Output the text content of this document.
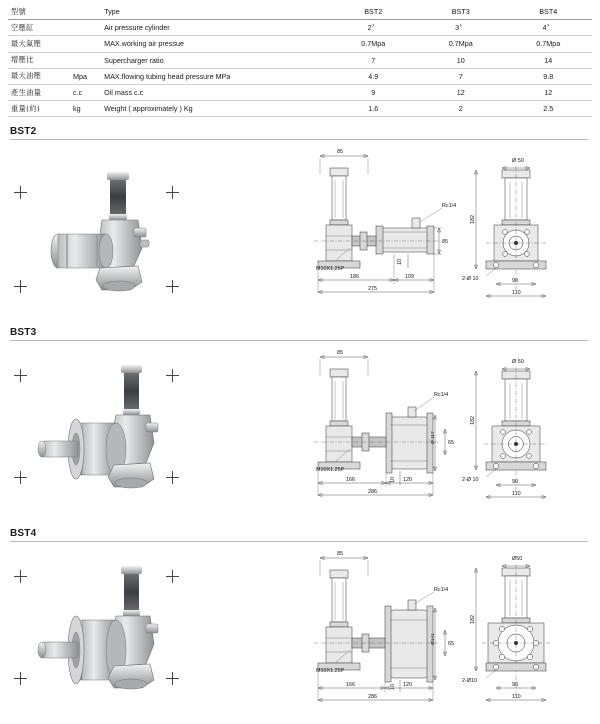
型號		Type	BST2	BST3	BST4
空壓缸		Air pressure cylinder	2〞	3〞	4〞
最大氣壓		MAX.working air pressue	0.7Mpa	0.7Mpa	0.7Mpa
增壓比		Supercharger ratio	7	10	14
最大油壓	Mpa	MAX.flowing tubing head pressure MPa	4.9	7	9.8
產生油量	c.c	Oil mass c.c	9	12	12
重量(約)	kg	Weight ( approximately ) Kg	1.6	2	2.5
BST2
85
Rc1/4
M10X1.25P
85
10
186	109
275
Ø 50
182
2-Ø 10	90
110
BST3
85
Rc1/4
M10X1.25P
Ø 117 65
10
166	120
286
Ø 50
182
2-Ø 10	90
110
BST4
85
Rc1/4
M10X1.25P
Ø141 65
10
166	120
286
Ø50
182
2-Ø10
90
110
